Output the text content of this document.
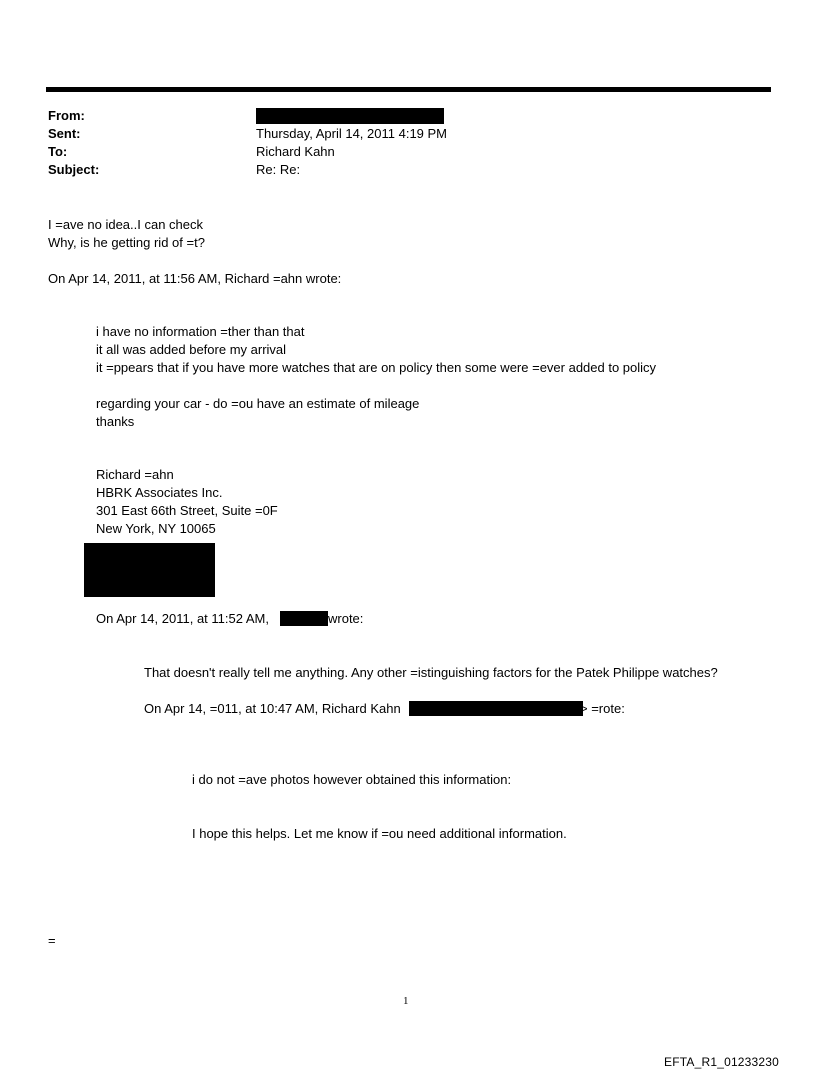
From:
Sent:	Thursday, April 14, 2011 4:19 PM
To:	Richard Kahn
Subject:	Re: Re:
I =ave no idea..I can check
Why, is he getting rid of =t?
On Apr 14, 2011, at 11:56 AM, Richard =ahn wrote:
i have no information =ther than that
it all was added before my arrival
it =ppears that if you have more watches that are on policy then some were =ever added to policy
regarding your car - do =ou have an estimate of mileage
thanks
Richard =ahn
HBRK Associates Inc.
301 East 66th Street, Suite =0F
New York, NY 10065
On Apr 14, 2011, at 11:52 AM,	wrote:
That doesn't really tell me anything. Any other =istinguishing factors for the Patek Philippe watches?
On Apr 14, =011, at 10:47 AM, Richard Kahn	> =rote:
i do not =ave photos however obtained this information:
I hope this helps. Let me know if =ou need additional information.
=
1
EFTA_R1_01233230
